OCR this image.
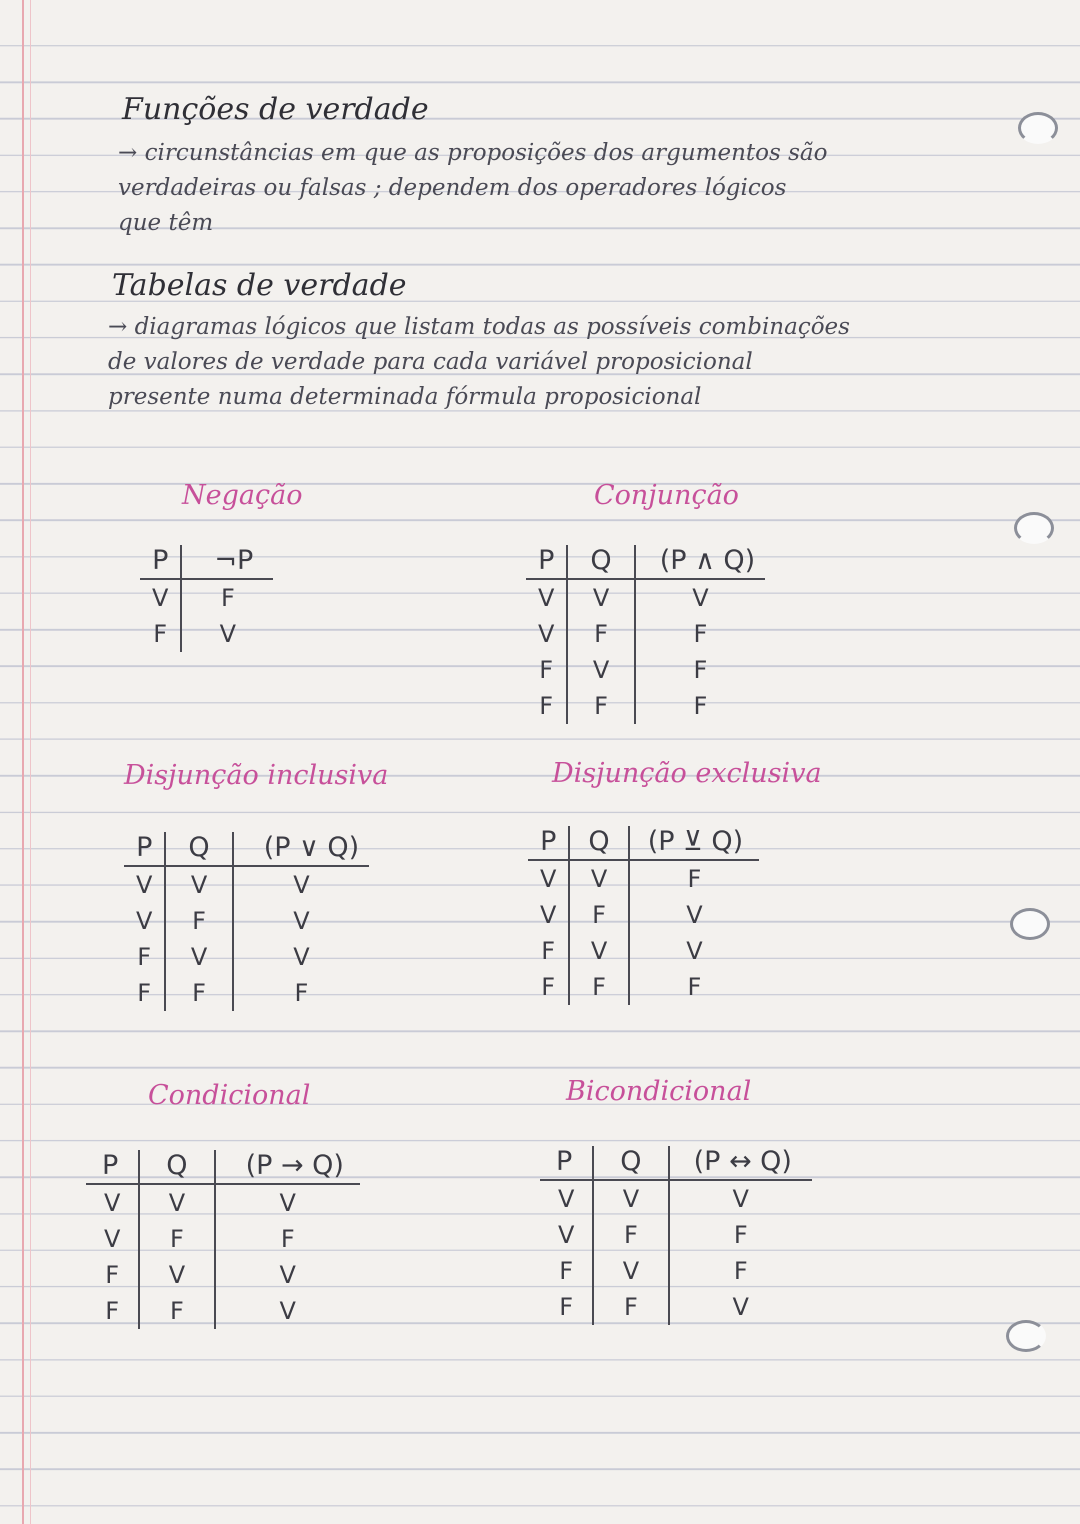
Funções de verdade
→ circunstâncias em que as proposições dos argumentos são
verdadeiras ou falsas ; dependem dos operadores lógicos
que têm
Tabelas de verdade
→ diagramas lógicos que listam todas as possíveis combinações
de valores de verdade para cada variável proposicional
presente numa determinada fórmula proposicional
Negação
P	¬P
V	F
F	V
Conjunção
P	Q	(P ∧ Q)
V	V	V
V	F	F
F	V	F
F	F	F
Disjunção inclusiva
P	Q	(P ∨ Q)
V	V	V
V	F	V
F	V	V
F	F	F
Disjunção exclusiva
P	Q	(P ⊻ Q)
V	V	F
V	F	V
F	V	V
F	F	F
Condicional
P	Q	(P → Q)
V	V	V
V	F	F
F	V	V
F	F	V
Bicondicional
P	Q	(P ↔ Q)
V	V	V
V	F	F
F	V	F
F	F	V
